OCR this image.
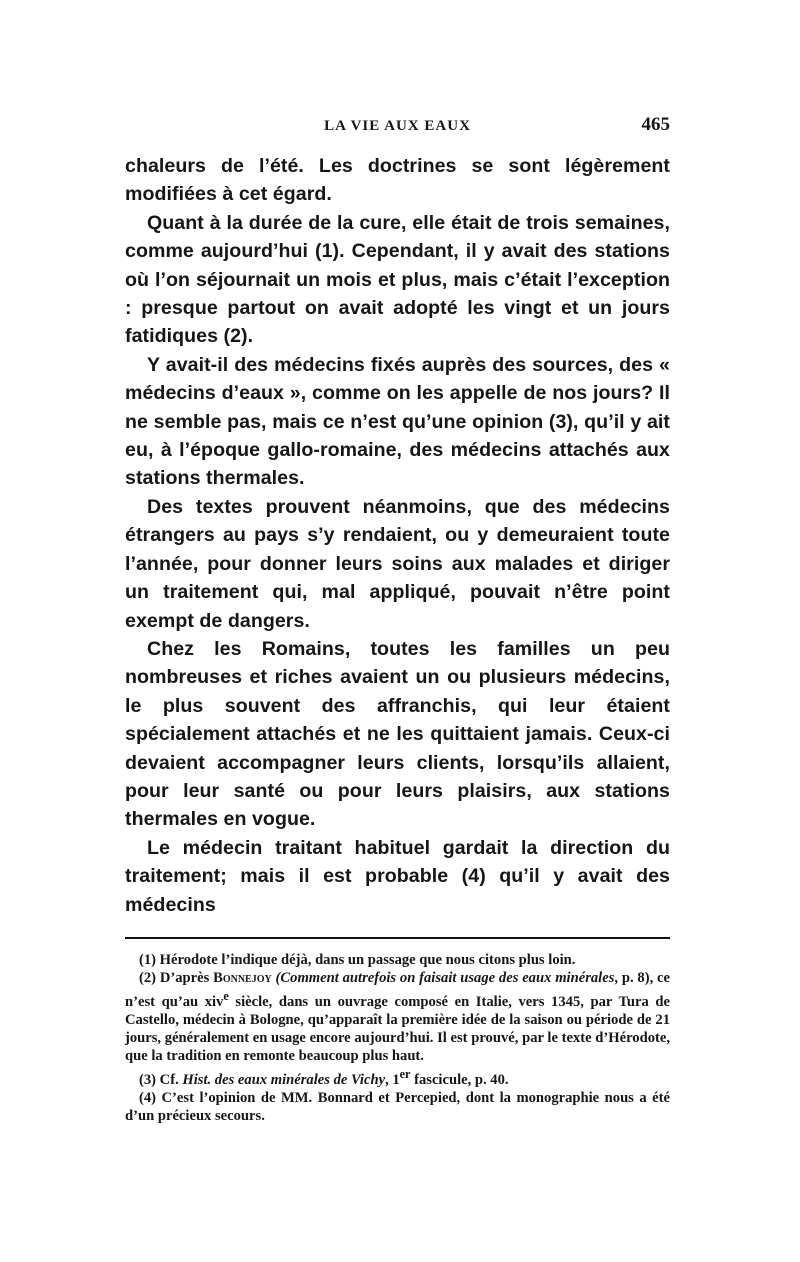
LA VIE AUX EAUX	465

chaleurs de l’été. Les doctrines se sont légèrement modifiées à cet égard.

Quant à la durée de la cure, elle était de trois semaines, comme aujourd’hui (1). Cependant, il y avait des stations où l’on séjournait un mois et plus, mais c’était l’exception : presque partout on avait adopté les vingt et un jours fatidiques (2).

Y avait-il des médecins fixés auprès des sources, des « médecins d’eaux », comme on les appelle de nos jours? Il ne semble pas, mais ce n’est qu’une opinion (3), qu’il y ait eu, à l’époque gallo-romaine, des médecins attachés aux stations thermales.

Des textes prouvent néanmoins, que des médecins étrangers au pays s’y rendaient, ou y demeuraient toute l’année, pour donner leurs soins aux malades et diriger un traitement qui, mal appliqué, pouvait n’être point exempt de dangers.

Chez les Romains, toutes les familles un peu nombreuses et riches avaient un ou plusieurs médecins, le plus souvent des affranchis, qui leur étaient spécialement attachés et ne les quittaient jamais. Ceux-ci devaient accompagner leurs clients, lorsqu’ils allaient, pour leur santé ou pour leurs plaisirs, aux stations thermales en vogue.

Le médecin traitant habituel gardait la direction du traitement; mais il est probable (4) qu’il y avait des médecins

(1) Hérodote l’indique déjà, dans un passage que nous citons plus loin.

(2) D’après Bonnejoy (Comment autrefois on faisait usage des eaux minérales, p. 8), ce n’est qu’au xiv$^e$ siècle, dans un ouvrage composé en Italie, vers 1345, par Tura de Castello, médecin à Bologne, qu’apparaît la première idée de la saison ou période de 21 jours, généralement en usage encore aujourd’hui. Il est prouvé, par le texte d’Hérodote, que la tradition en remonte beaucoup plus haut.

(3) Cf. Hist. des eaux minérales de Vichy, 1er fascicule, p. 40.

(4) C’est l’opinion de MM. Bonnard et Percepied, dont la monographie nous a été d’un précieux secours.
